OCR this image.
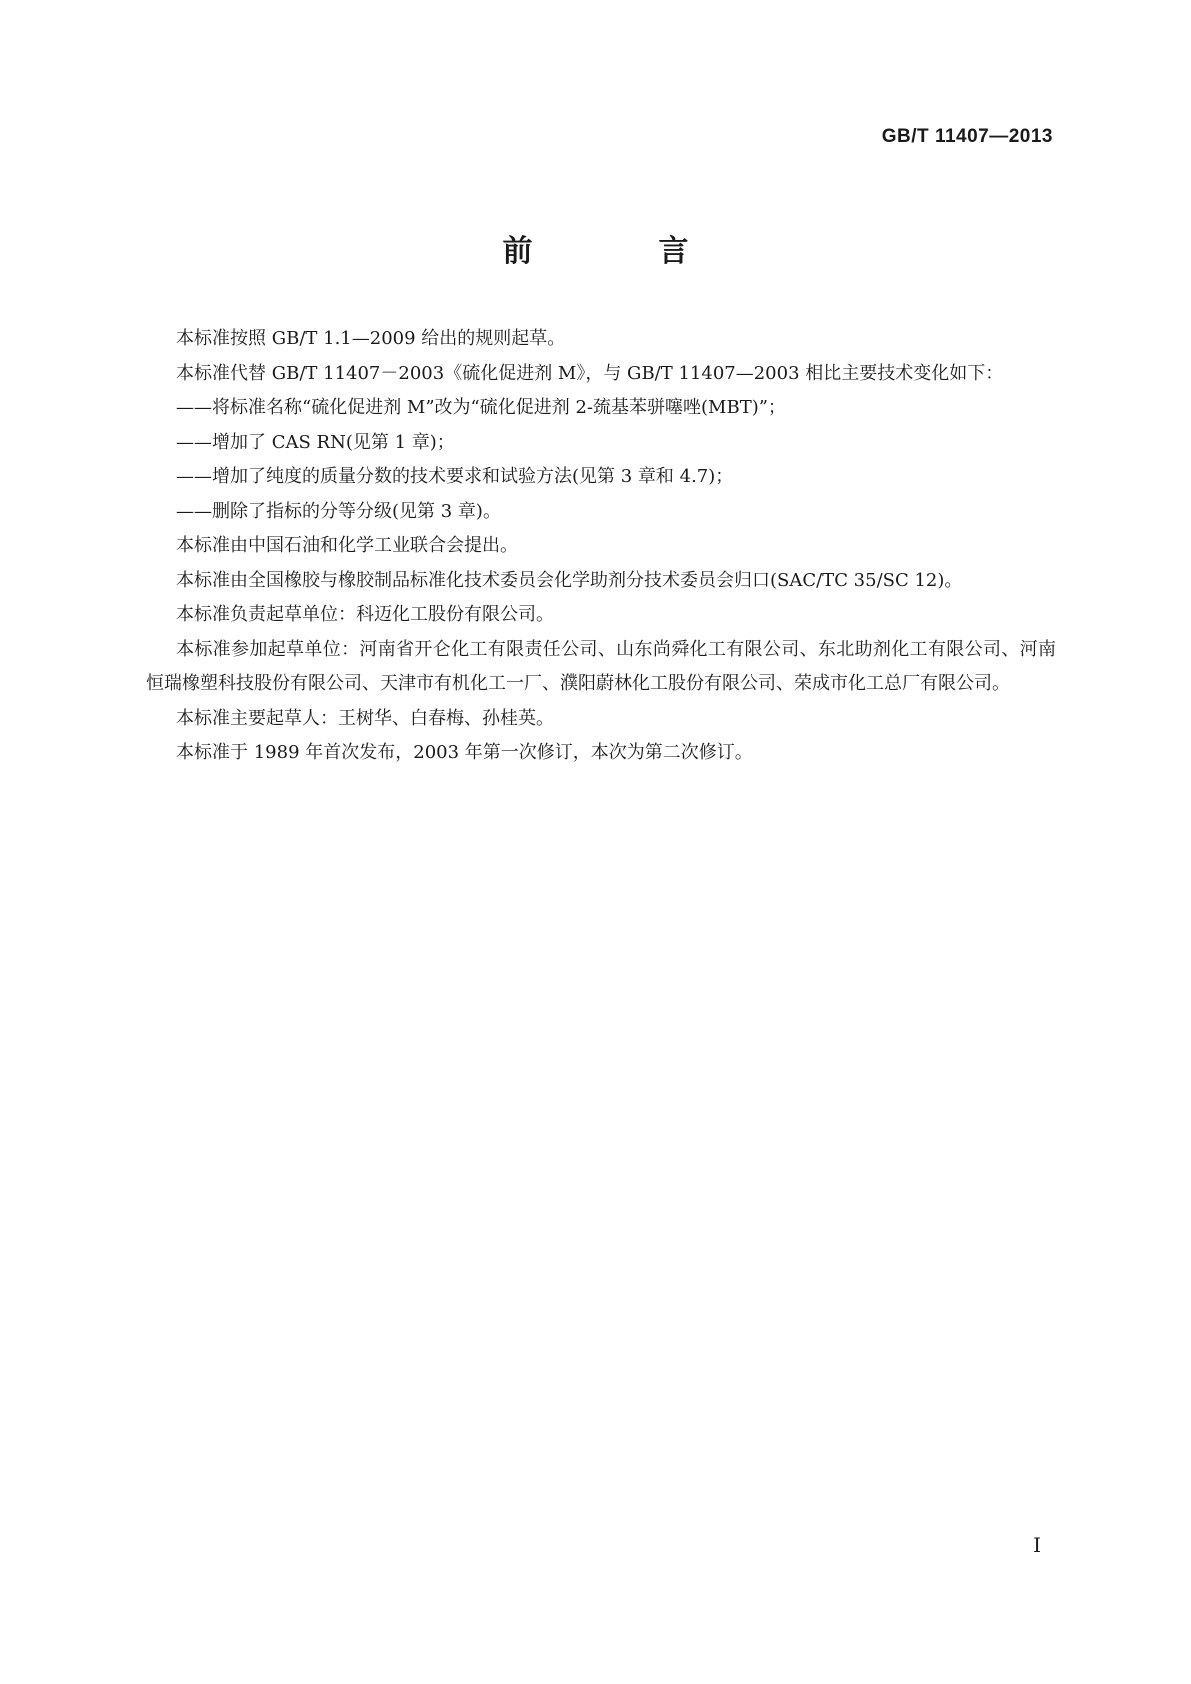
GB/T 11407—2013

前　言

本标准按照 GB/T 1.1—2009 给出的规则起草。

本标准代替 GB/T 11407－2003《硫化促进剂 M》，与 GB/T 11407—2003 相比主要技术变化如下：

——将标准名称“硫化促进剂 M”改为“硫化促进剂 2-巯基苯骈噻唑(MBT)”；

——增加了 CAS RN(见第 1 章)；

——增加了纯度的质量分数的技术要求和试验方法(见第 3 章和 4.7)；

——删除了指标的分等分级(见第 3 章)。

本标准由中国石油和化学工业联合会提出。

本标准由全国橡胶与橡胶制品标准化技术委员会化学助剂分技术委员会归口(SAC/TC 35/SC 12)。

本标准负责起草单位：科迈化工股份有限公司。

本标准参加起草单位：河南省开仑化工有限责任公司、山东尚舜化工有限公司、东北助剂化工有限公司、河南恒瑞橡塑科技股份有限公司、天津市有机化工一厂、濮阳蔚林化工股份有限公司、荣成市化工总厂有限公司。

本标准主要起草人：王树华、白春梅、孙桂英。

本标准于 1989 年首次发布，2003 年第一次修订，本次为第二次修订。

I
